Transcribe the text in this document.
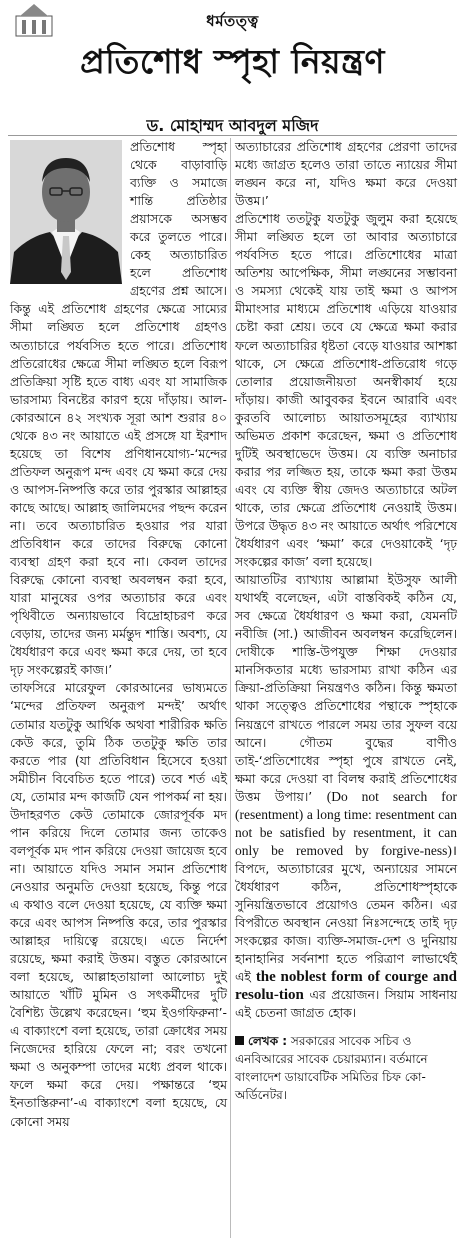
ধর্মতত্ত্ব
প্রতিশোধ স্পৃহা নিয়ন্ত্রণ
ড. মোহাম্মদ আবদুল মজিদ

প্রতিশোধ স্পৃহা থেকে বাড়াবাড়ি ব্যক্তি ও সমাজে শান্তি প্রতিষ্ঠার প্রয়াসকে অসম্ভব করে তুলতে পারে। কেহ অত্যাচারিত হলে প্রতিশোধ গ্রহণের প্রশ্ন আসে। কিন্তু এই প্রতিশোধ গ্রহণের ক্ষেত্রে সাম্যের সীমা লঙ্ঘিত হলে প্রতিশোধ গ্রহণও অত্যাচারে পর্যবসিত হতে পারে। প্রতিশোধ প্রতিরোধের ক্ষেত্রে সীমা লঙ্ঘিত হলে বিরূপ প্রতিক্রিয়া সৃষ্টি হতে বাধ্য এবং যা সামাজিক ভারসাম্য বিনষ্টের কারণ হয়ে দাঁড়ায়। আল-কোরআনে ৪২ সংখ্যক সূরা আশ শুরার ৪০ থেকে ৪৩ নং আয়াতে এই প্রসঙ্গে যা ইরশাদ হয়েছে তা বিশেষ প্রণিধানযোগ্য-‘মন্দের প্রতিফল অনুরূপ মন্দ এবং যে ক্ষমা করে দেয় ও আপস-নিষ্পত্তি করে তার পুরস্কার আল্লাহর কাছে আছে। আল্লাহ জালিমদের পছন্দ করেন না। তবে অত্যাচারিত হওয়ার পর যারা প্রতিবিধান করে তাদের বিরুদ্ধে কোনো ব্যবস্থা গ্রহণ করা হবে না। কেবল তাদের বিরুদ্ধে কোনো ব্যবস্থা অবলম্বন করা হবে, যারা মানুষের ওপর অত্যাচার করে এবং পৃথিবীতে অন্যায়ভাবে বিদ্রোহাচরণ করে বেড়ায়, তাদের জন্য মর্মন্তুদ শাস্তি। অবশ্য, যে ধৈর্যধারণ করে এবং ক্ষমা করে দেয়, তা হবে দৃঢ় সংকল্পেরই কাজ।’

তাফসিরে মারেফুল কোরআনের ভাষ্যমতে ‘মন্দের প্রতিফল অনুরূপ মন্দই’ অর্থাৎ তোমার যতটুকু আর্থিক অথবা শারীরিক ক্ষতি কেউ করে, তুমি ঠিক ততটুকু ক্ষতি তার করতে পার (যা প্রতিবিধান হিসেবে হওয়া সমীচীন বিবেচিত হতে পারে) তবে শর্ত এই যে, তোমার মন্দ কাজটি যেন পাপকর্ম না হয়। উদাহরণত কেউ তোমাকে জোরপূর্বক মদ পান করিয়ে দিলে তোমার জন্য তাকেও বলপূর্বক মদ পান করিয়ে দেওয়া জায়েজ হবে না। আয়াতে যদিও সমান সমান প্রতিশোধ নেওয়ার অনুমতি দেওয়া হয়েছে, কিন্তু পরে এ কথাও বলে দেওয়া হয়েছে, যে ব্যক্তি ক্ষমা করে এবং আপস নিষ্পত্তি করে, তার পুরস্কার আল্লাহর দায়িত্বে রয়েছে। এতে নির্দেশ রয়েছে, ক্ষমা করাই উত্তম। বস্তুত কোরআনে বলা হয়েছে, আল্লাহতায়ালা আলোচ্য দুই আয়াতে খাঁটি মুমিন ও সৎকর্মীদের দুটি বৈশিষ্ট্য উল্লেখ করেছেন। ‘হুম ইওগফিরুনা’-এ বাক্যাংশে বলা হয়েছে, তারা ক্রোধের সময় নিজেদের হারিয়ে ফেলে না; বরং তখনো ক্ষমা ও অনুকম্পা তাদের মধ্যে প্রবল থাকে। ফলে ক্ষমা করে দেয়। পক্ষান্তরে ‘হুম ইনতাস্তিরুনা’-এ বাক্যাংশে বলা হয়েছে, যে কোনো সময়

অত্যাচারের প্রতিশোধ গ্রহণের প্রেরণা তাদের মধ্যে জাগ্রত হলেও তারা তাতে ন্যায়ের সীমা লঙ্ঘন করে না, যদিও ক্ষমা করে দেওয়া উত্তম।’

প্রতিশোধ ততটুকু যতটুকু জুলুম করা হয়েছে সীমা লঙ্ঘিত হলে তা আবার অত্যাচারে পর্যবসিত হতে পারে। প্রতিশোধের মাত্রা অতিশয় আপেক্ষিক, সীমা লঙ্ঘনের সম্ভাবনা ও সমস্যা থেকেই যায় তাই ক্ষমা ও আপস মীমাংসার মাধ্যমে প্রতিশোধ এড়িয়ে যাওয়ার চেষ্টা করা শ্রেয়। তবে যে ক্ষেত্রে ক্ষমা করার ফলে অত্যাচারির ধৃষ্টতা বেড়ে যাওয়ার আশঙ্কা থাকে, সে ক্ষেত্রে প্রতিশোধ-প্রতিরোধ গড়ে তোলার প্রয়োজনীয়তা অনস্বীকার্য হয়ে দাঁড়ায়। কাজী আবুবকর ইবনে আরাবি এবং কুরতবি আলোচ্য আয়াতসমূহের ব্যাখ্যায় অভিমত প্রকাশ করেছেন, ক্ষমা ও প্রতিশোধ দুটিই অবস্থাভেদে উত্তম। যে ব্যক্তি অনাচার করার পর লজ্জিত হয়, তাকে ক্ষমা করা উত্তম এবং যে ব্যক্তি স্বীয় জেদও অত্যাচারে অটল থাকে, তার ক্ষেত্রে প্রতিশোধ নেওয়াই উত্তম। উপরে উদ্ধৃত ৪৩ নং আয়াতে অর্থাৎ পরিশেষে ধৈর্যধারণ এবং ‘ক্ষমা’ করে দেওয়াকেই ‘দৃঢ় সংকল্পের কাজ’ বলা হয়েছে।

আয়াতটির ব্যাখ্যায় আল্লামা ইউসুফ আলী যথার্থই বলেছেন, এটা বাস্তবিকই কঠিন যে, সব ক্ষেত্রে ধৈর্যধারণ ও ক্ষমা করা, যেমনটি নবীজি (সা.) আজীবন অবলম্বন করেছিলেন। দোষীকে শাস্তি-উপযুক্ত শিক্ষা দেওয়ার মানসিকতার মধ্যে ভারসাম্য রাখা কঠিন এর ক্রিয়া-প্রতিক্রিয়া নিয়ন্ত্রণও কঠিন। কিন্তু ক্ষমতা থাকা সত্ত্বেও প্রতিশোধের পন্থাকে স্পৃহাকে নিয়ন্ত্রণে রাখতে পারলে সময় তার সুফল বয়ে আনে। গৌতম বুদ্ধের বাণীও তাই-‘প্রতিশোধের স্পৃহা পুষে রাখতে নেই, ক্ষমা করে দেওয়া বা বিলম্ব করাই প্রতিশোধের উত্তম উপায়।’ (Do not search for (resentment) a long time: resentment can not be satisfied by resentment, it can only be removed by forgive-ness)। বিপদে, অত্যাচারের মুখে, অন্যায়ের সামনে ধৈর্যধারণ কঠিন, প্রতিশোধস্পৃহাকে সুনিয়ন্ত্রিতভাবে প্রয়োগও তেমন কঠিন। এর বিপরীতে অবস্থান নেওয়া নিঃসন্দেহে তাই দৃঢ় সংকল্পের কাজ। ব্যক্তি-সমাজ-দেশ ও দুনিয়ায় হানাহানির সর্বনাশা হতে পরিত্রাণ লাভার্থেই এই the noblest form of courge and resolu-tion এর প্রয়োজন। সিয়াম সাধনায় এই চেতনা জাগ্রত হোক।

লেখক : সরকারের সাবেক সচিব ও এনবিআরের সাবেক চেয়ারম্যান। বর্তমানে বাংলাদেশ ডায়াবেটিক সমিতির চিফ কো-অর্ডিনেটর।
